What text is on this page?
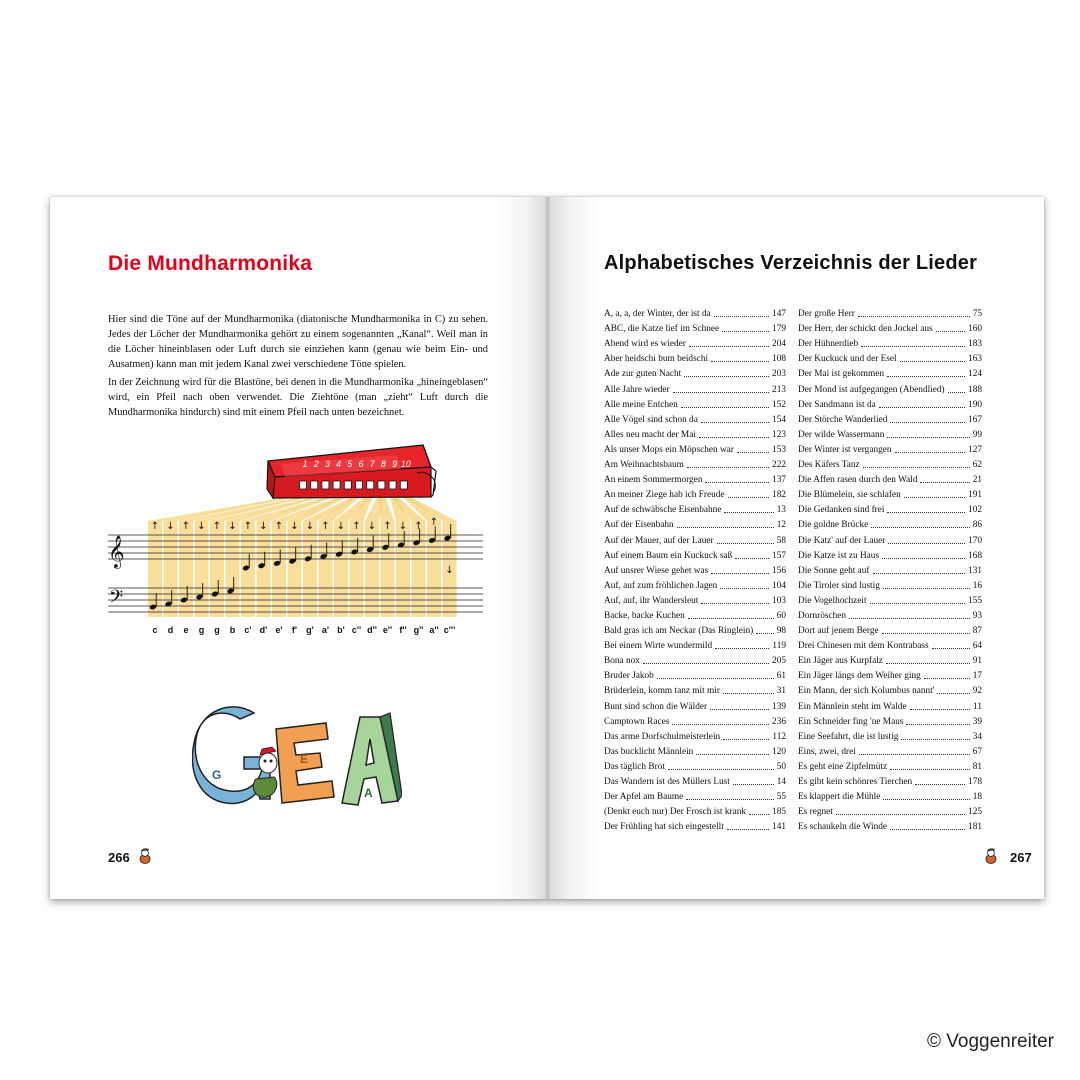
Die Mundharmonika

Hier sind die Töne auf der Mundharmonika (diatonische Mundharmonika in C) zu sehen. Jedes der Löcher der Mundharmonika gehört zu einem sogenannten „Kanal“. Weil man in die Löcher hineinblasen oder Luft durch sie einziehen kann (genau wie beim Ein- und Ausatmen) kann man mit jedem Kanal zwei verschiedene Töne spielen.

In der Zeichnung wird für die Blastöne, bei denen in die Mundharmonika „hineingeblasen“ wird, ein Pfeil nach oben verwendet. Die Ziehtöne (man „zieht“ Luft durch die Mundharmonika hindurch) sind mit einem Pfeil nach unten bezeichnet.

1 2 3 4 5 6 7 8 9 10
𝄞
𝄢
↑ ↓ ↑ ↓ ↑ ↓ ↑ ↓ ↑ ↓ ↓ ↑ ↓ ↑ ↓ ↑ ↓ ↑ ↑
↓
c d e g g b c' d' e' f' g' a' b' c'' d'' e'' f'' g'' a'' c'''
G
E
A
266
Alphabetisches Verzeichnis der Lieder
A, a, a, der Winter, der ist da	147
ABC, die Katze lief im Schnee	179
Abend wird es wieder	204
Aber heidschi bum beidschi	108
Ade zur guten Nacht	203
Alle Jahre wieder	213
Alle meine Entchen	152
Alle Vögel sind schon da	154
Alles neu macht der Mai	123
Als unser Mops ein Möpschen war	153
Am Weihnachtsbaum	222
An einem Sommermorgen	137
An meiner Ziege hab ich Freude	182
Auf de schwäbsche Eisenbahne	13
Auf der Eisenbahn	12
Auf der Mauer, auf der Lauer	58
Auf einem Baum ein Kuckuck saß	157
Auf unsrer Wiese gehet was	156
Auf, auf zum fröhlichen Jagen	104
Auf, auf, ihr Wandersleut	103
Backe, backe Kuchen	60
Bald gras ich am Neckar (Das Ringlein)	98
Bei einem Wirte wundermild	119
Bona nox	205
Bruder Jakob	61
Brüderlein, komm tanz mit mir	31
Bunt sind schon die Wälder	139
Camptown Races	236
Das arme Dorfschulmeisterlein	112
Das bucklicht Männlein	120
Das täglich Brot	50
Das Wandern ist des Müllers Lust	14
Der Apfel am Baume	55
(Denkt euch nur) Der Frosch ist krank	185
Der Frühling hat sich eingestellt	141
Der große Herr	75
Der Herr, der schickt den Jockel aus	160
Der Hühnerdieb	183
Der Kuckuck und der Esel	163
Der Mai ist gekommen	124
Der Mond ist aufgegangen (Abendlied)	188
Der Sandmann ist da	190
Der Störche Wanderlied	167
Der wilde Wassermann	99
Der Winter ist vergangen	127
Des Käfers Tanz	62
Die Affen rasen durch den Wald	21
Die Blümelein, sie schlafen	191
Die Gedanken sind frei	102
Die goldne Brücke	86
Die Katz' auf der Lauer	170
Die Katze ist zu Haus	168
Die Sonne geht auf	131
Die Tiroler sind lustig	16
Die Vogelhochzeit	155
Dornröschen	93
Dort auf jenem Berge	87
Drei Chinesen mit dem Kontrabass	64
Ein Jäger aus Kurpfalz	91
Ein Jäger längs dem Weiher ging	17
Ein Mann, der sich Kolumbus nannt'	92
Ein Männlein steht im Walde	11
Ein Schneider fing 'ne Maus	39
Eine Seefahrt, die ist lustig	34
Eins, zwei, drei	67
Es geht eine Zipfelmütz	81
Es gibt kein schönres Tierchen	178
Es klappert die Mühle	18
Es regnet	125
Es schaukeln die Winde	181
267
© Voggenreiter
